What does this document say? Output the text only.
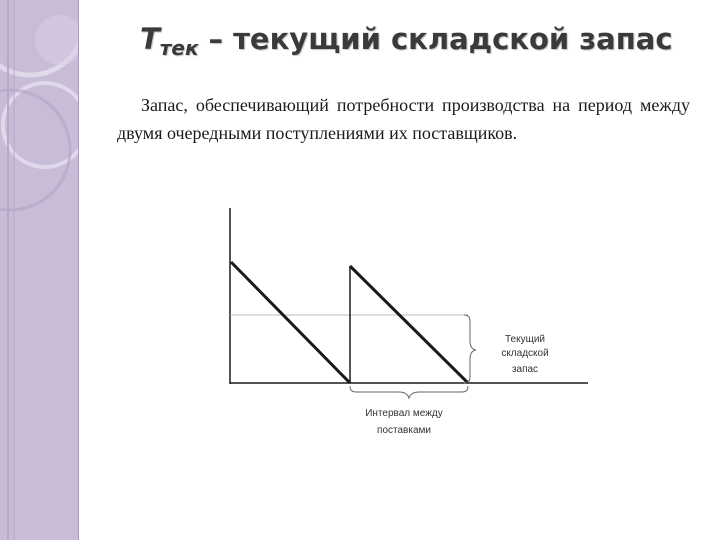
$T_{тек}$ – текущий складской запас

Запас, обеспечивающий потребности производства на период между двумя очередными поступлениями их поставщиков.

Текущий
складской
запас
Интервал между
поставками
